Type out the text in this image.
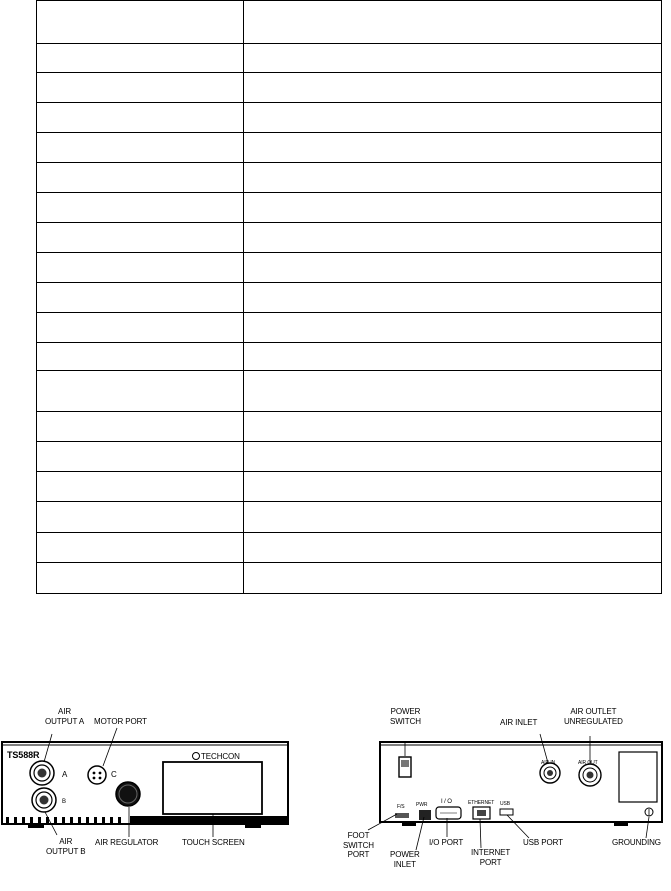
TS588R	TECHCON
A
B
C
AIR
OUTPUT A MOTOR PORT
AIR
OUTPUT B
AIR REGULATOR	TOUCH SCREEN
AIR IN	AIR OUT
F/S PWR I / O	ETHERNET USB
POWER
SWITCH	AIR INLET
AIR OUTLET
UNREGULATED
FOOT
SWITCH
PORT	POWER
INLET
I/O PORT
INTERNET
PORT
USB PORT	GROUNDING
